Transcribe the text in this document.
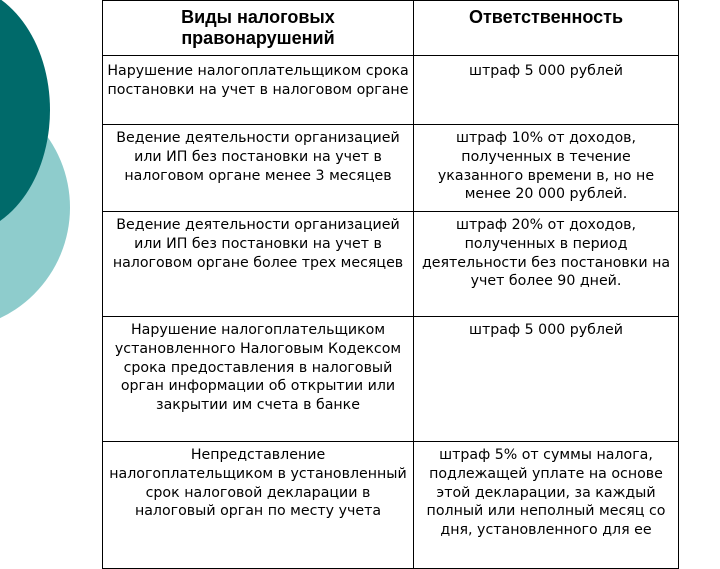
Виды налоговых правонарушений	Ответственность
Нарушение налогоплательщиком срока постановки на учет в налоговом органе	штраф 5 000 рублей
Ведение деятельности организацией или ИП без постановки на учет в налоговом органе менее 3 месяцев	штраф 10% от доходов, полученных в течение указанного времени в, но не менее 20 000 рублей.
Ведение деятельности организацией или ИП без постановки на учет в налоговом органе более трех месяцев	штраф 20% от доходов, полученных в период деятельности без постановки на учет более 90 дней.
Нарушение налогоплательщиком установленного Налоговым Кодексом срока предоставления в налоговый орган информации об открытии или закрытии им счета в банке	штраф 5 000 рублей
Непредставление налогоплательщиком в установленный срок налоговой декларации в налоговый орган по месту учета	штраф 5% от суммы налога, подлежащей уплате на основе этой декларации, за каждый полный или неполный месяц со дня, установленного для ее
